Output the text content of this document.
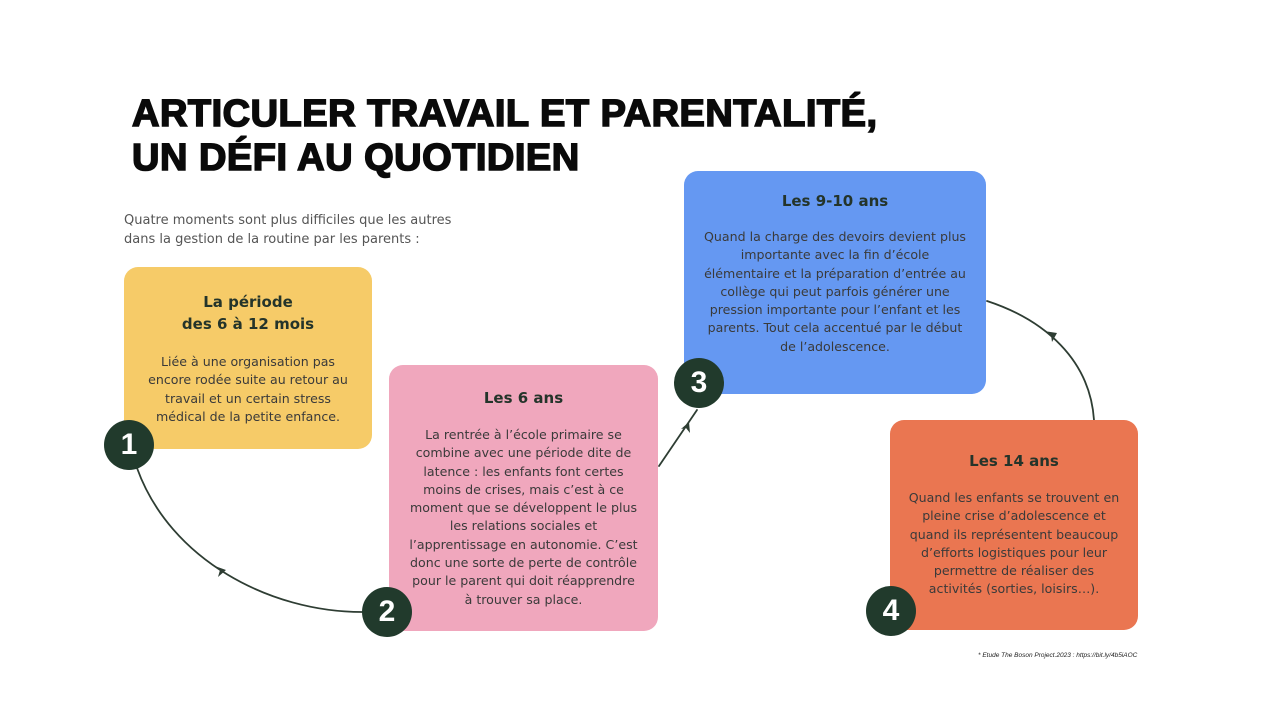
ARTICULER TRAVAIL ET PARENTALITÉ,
UN DÉFI AU QUOTIDIEN

Quatre moments sont plus difficiles que les autres dans la gestion de la routine par les parents :

La période
des 6 à 12 mois

Liée à une organisation pas encore rodée suite au retour au travail et un certain stress médical de la petite enfance.

Les 6 ans

La rentrée à l’école primaire se combine avec une période dite de latence : les enfants font certes moins de crises, mais c’est à ce moment que se développent le plus les relations sociales et l’apprentissage en autonomie. C’est donc une sorte de perte de contrôle pour le parent qui doit réapprendre à trouver sa place.

Les 9-10 ans

Quand la charge des devoirs devient plus importante avec la fin d’école élémentaire et la préparation d’entrée au collège qui peut parfois générer une pression importante pour l’enfant et les parents. Tout cela accentué par le début de l’adolescence.

Les 14 ans

Quand les enfants se trouvent en pleine crise d’adolescence et quand ils représentent beaucoup d’efforts logistiques pour leur permettre de réaliser des activités (sorties, loisirs…).

1
2
3
4
* Etude The Boson Project.2023 : https://bit.ly/4b5iAOC
